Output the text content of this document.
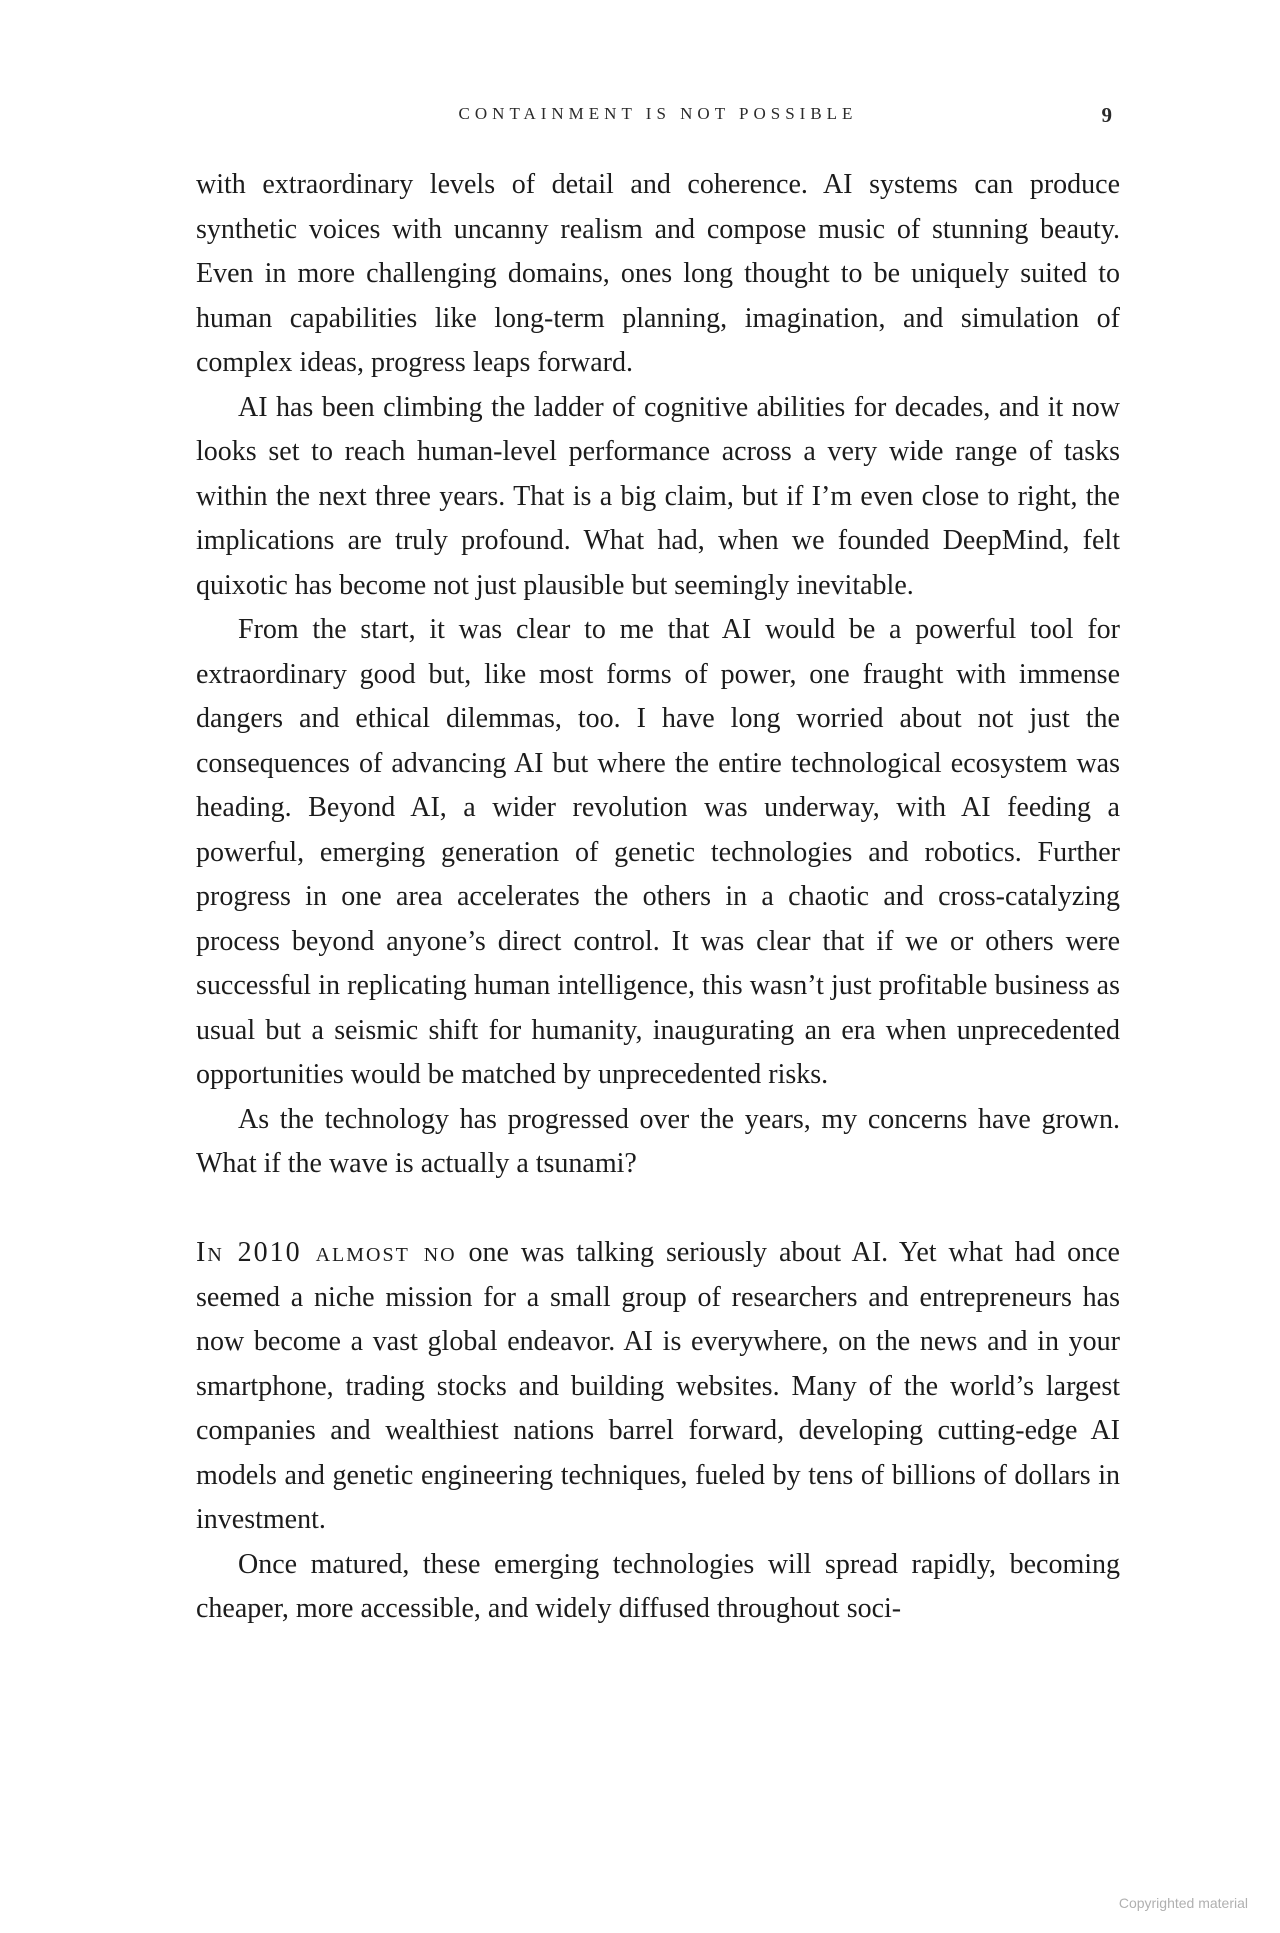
CONTAINMENT IS NOT POSSIBLE	9

with extraordinary levels of detail and coherence. AI systems can produce synthetic voices with uncanny realism and compose music of stunning beauty. Even in more challenging domains, ones long thought to be uniquely suited to human capabilities like long-term planning, imagination, and simulation of complex ideas, progress leaps forward.

AI has been climbing the ladder of cognitive abilities for decades, and it now looks set to reach human-level performance across a very wide range of tasks within the next three years. That is a big claim, but if I’m even close to right, the implications are truly profound. What had, when we founded DeepMind, felt quixotic has become not just plausible but seemingly inevitable.

From the start, it was clear to me that AI would be a powerful tool for extraordinary good but, like most forms of power, one fraught with immense dangers and ethical dilemmas, too. I have long worried about not just the consequences of advancing AI but where the entire technological ecosystem was heading. Beyond AI, a wider revolution was underway, with AI feeding a powerful, emerging generation of genetic technologies and robotics. Further progress in one area accelerates the others in a chaotic and cross-catalyzing process beyond anyone’s direct control. It was clear that if we or others were successful in replicating human intelligence, this wasn’t just profitable business as usual but a seismic shift for humanity, inaugurating an era when unprecedented opportunities would be matched by unprecedented risks.

As the technology has progressed over the years, my concerns have grown. What if the wave is actually a tsunami?

In 2010 almost no one was talking seriously about AI. Yet what had once seemed a niche mission for a small group of researchers and entrepreneurs has now become a vast global endeavor. AI is everywhere, on the news and in your smartphone, trading stocks and building websites. Many of the world’s largest companies and wealthiest nations barrel forward, developing cutting-edge AI models and genetic engineering techniques, fueled by tens of billions of dollars in investment.

Once matured, these emerging technologies will spread rapidly, becoming cheaper, more accessible, and widely diffused throughout soci-

Copyrighted material
